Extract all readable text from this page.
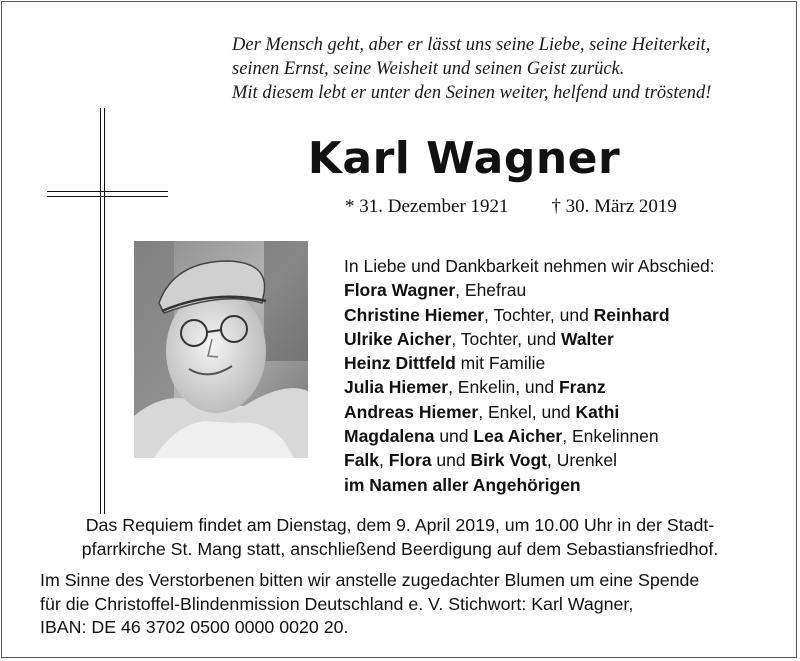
Der Mensch geht, aber er lässt uns seine Liebe, seine Heiterkeit,
seinen Ernst, seine Weisheit und seinen Geist zurück.
Mit diesem lebt er unter den Seinen weiter, helfend und tröstend!
Karl Wagner
* 31. Dezember 1921 † 30. März 2019
In Liebe und Dankbarkeit nehmen wir Abschied:
Flora Wagner, Ehefrau
Christine Hiemer, Tochter, und Reinhard
Ulrike Aicher, Tochter, und Walter
Heinz Dittfeld mit Familie
Julia Hiemer, Enkelin, und Franz
Andreas Hiemer, Enkel, und Kathi
Magdalena und Lea Aicher, Enkelinnen
Falk, Flora und Birk Vogt, Urenkel
im Namen aller Angehörigen
Das Requiem findet am Dienstag, dem 9. April 2019, um 10.00 Uhr in der Stadt-
pfarrkirche St. Mang statt, anschließend Beerdigung auf dem Sebastiansfriedhof.
Im Sinne des Verstorbenen bitten wir anstelle zugedachter Blumen um eine Spende
für die Christoffel-Blindenmission Deutschland e. V. Stichwort: Karl Wagner,
IBAN: DE 46 3702 0500 0000 0020 20.
